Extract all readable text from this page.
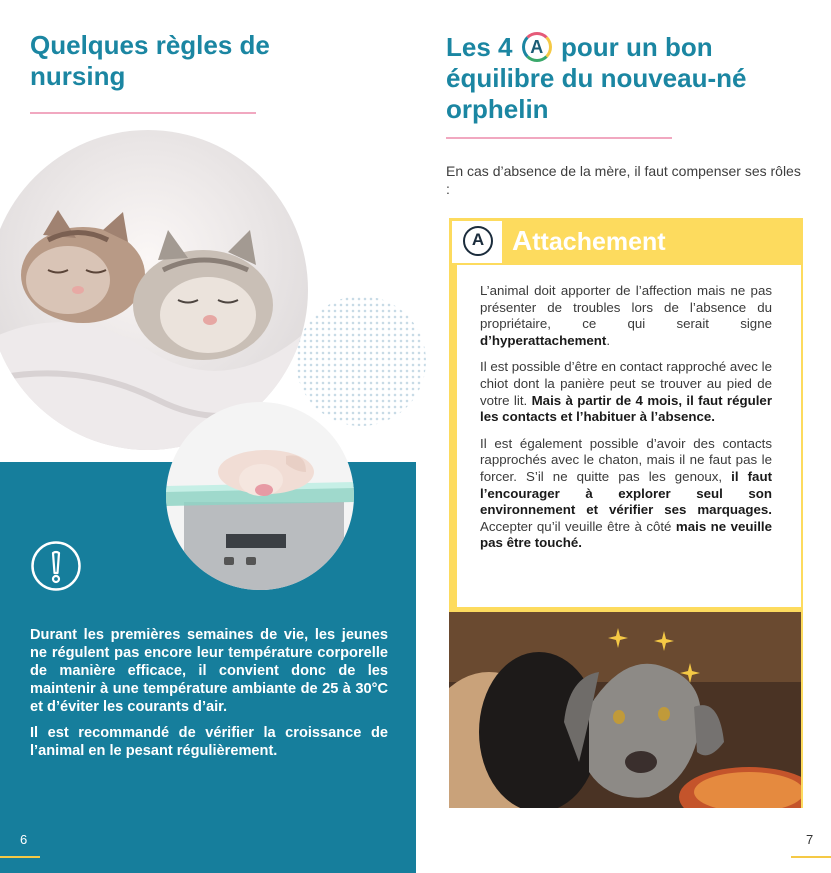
Quelques règles de nursing

Durant les premières semaines de vie, les jeunes ne régulent pas encore leur température corporelle de manière efficace, il convient donc de les maintenir à une température ambiante de 25 à 30°C et d’éviter les courants d’air.

Il est recommandé de vérifier la croissance de l’animal en le pesant régulièrement.

6
Les 4 A pour un bon équilibre du nouveau-né orphelin
En cas d’absence de la mère, il faut compenser ses rôles :
A Attachement

L’animal doit apporter de l’affection mais ne pas présenter de troubles lors de l’absence du propriétaire, ce qui serait signe d’hyperattachement.

Il est possible d’être en contact rapproché avec le chiot dont la panière peut se trouver au pied de votre lit. Mais à partir de 4 mois, il faut réguler les contacts et l’habituer à l’absence.

Il est également possible d’avoir des contacts rapprochés avec le chaton, mais il ne faut pas le forcer. S’il ne quitte pas les genoux, il faut l’encourager à explorer seul son environnement et vérifier ses marquages. Accepter qu’il veuille être à côté mais ne veuille pas être touché.

7
